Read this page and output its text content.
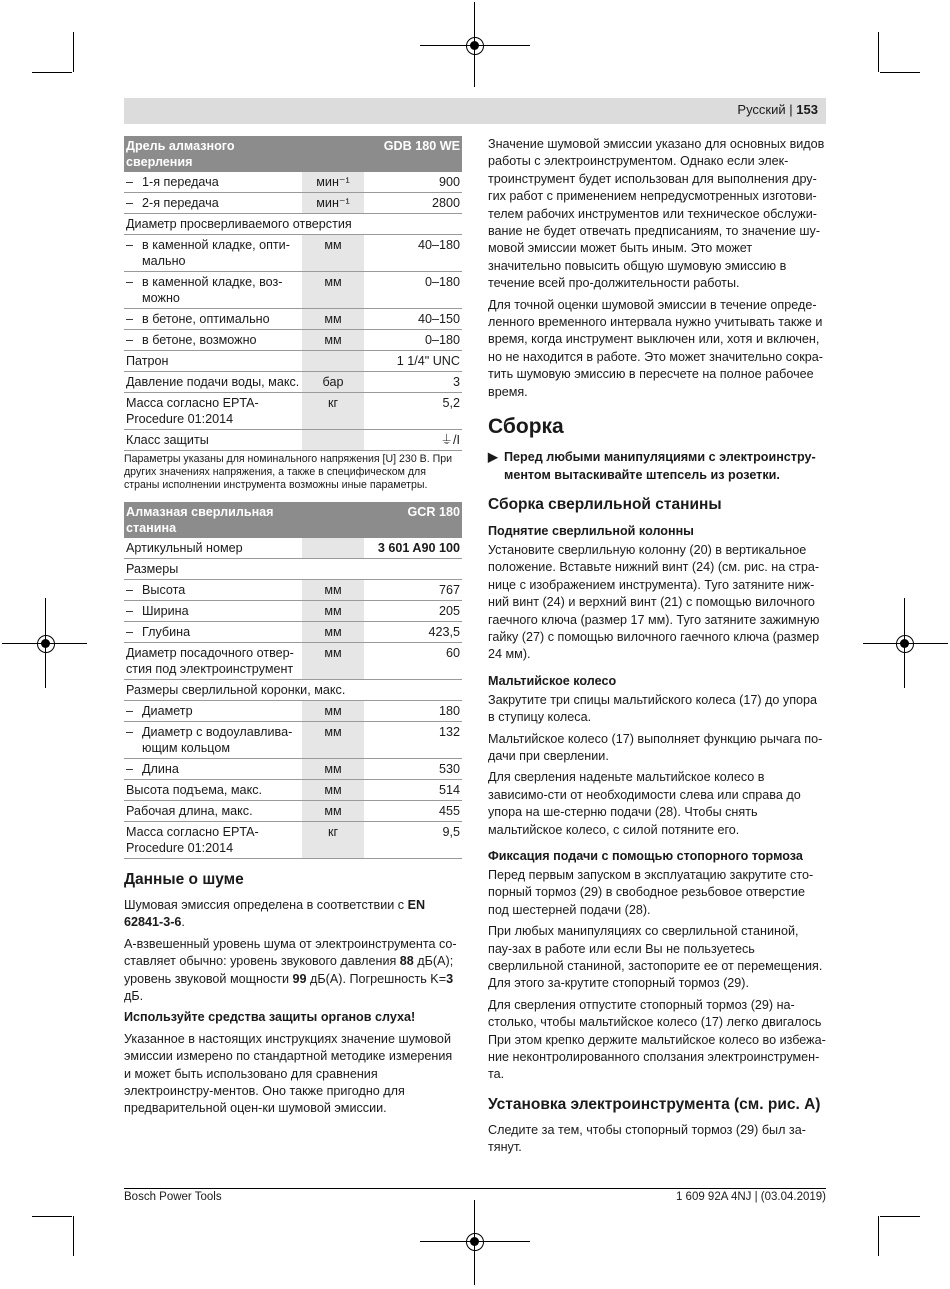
Русский | 153
Дрель алмазного сверления		GDB 180 WE

– 1-я передача	мин⁻¹	900

– 2-я передача	мин⁻¹	2800
Диаметр просверливаемого отверстия		

– в каменной кладке, опти-мально	мм	40–180

– в каменной кладке, воз-можно	мм	0–180

– в бетоне, оптимально	мм	40–150

– в бетоне, возможно	мм	0–180
Патрон		1 1/4" UNC
Давление подачи воды, макс.	бар	3
Масса согласно EPTA-Procedure 01:2014	кг	5,2
Класс защиты		⏚/I
Параметры указаны для номинального напряжения [U] 230 В. При других значениях напряжения, а также в специфическом для страны исполнении инструмента возможны иные параметры.
Алмазная сверлильная станина		GCR 180
Артикульный номер		3 601 A90 100
Размеры		

– Высота	мм	767

– Ширина	мм	205

– Глубина	мм	423,5
Диаметр посадочного отвер-стия под электроинструмент	мм	60
Размеры сверлильной коронки, макс.		

– Диаметр	мм	180

– Диаметр с водоулавлива-ющим кольцом	мм	132

– Длина	мм	530
Высота подъема, макс.	мм	514
Рабочая длина, макс.	мм	455
Масса согласно EPTA-Procedure 01:2014	кг	9,5
Данные о шуме

Шумовая эмиссия определена в соответствии с EN 62841-3-6.

A-взвешенный уровень шума от электроинструмента со-ставляет обычно: уровень звукового давления 88 дБ(A); уровень звуковой мощности 99 дБ(A). Погрешность K=3 дБ.

Используйте средства защиты органов слуха!

Указанное в настоящих инструкциях значение шумовой эмиссии измерено по стандартной методике измерения и может быть использовано для сравнения электроинстру-ментов. Оно также пригодно для предварительной оцен-ки шумовой эмиссии.

Значение шумовой эмиссии указано для основных видов работы с электроинструментом. Однако если элек-троинструмент будет использован для выполнения дру-гих работ с применением непредусмотренных изготови-телем рабочих инструментов или техническое обслужи-вание не будет отвечать предписаниям, то значение шу-мовой эмиссии может быть иным. Это может значительно повысить общую шумовую эмиссию в течение всей про-должительности работы.

Для точной оценки шумовой эмиссии в течение опреде-ленного временного интервала нужно учитывать также и время, когда инструмент выключен или, хотя и включен, но не находится в работе. Это может значительно сокра-тить шумовую эмиссию в пересчете на полное рабочее время.

Сборка
▶ Перед любыми манипуляциями с электроинстру-ментом вытаскивайте штепсель из розетки.
Сборка сверлильной станины
Поднятие сверлильной колонны

Установите сверлильную колонну (20) в вертикальное положение. Вставьте нижний винт (24) (см. рис. на стра-нице с изображением инструмента). Туго затяните ниж-ний винт (24) и верхний винт (21) с помощью вилочного гаечного ключа (размер 17 мм). Туго затяните зажимную гайку (27) с помощью вилочного гаечного ключа (размер 24 мм).

Мальтийское колесо

Закрутите три спицы мальтийского колеса (17) до упора в ступицу колеса.

Мальтийское колесо (17) выполняет функцию рычага по-дачи при сверлении.

Для сверления наденьте мальтийское колесо в зависимо-сти от необходимости слева или справа до упора на ше-стерню подачи (28). Чтобы снять мальтийское колесо, с силой потяните его.

Фиксация подачи с помощью стопорного тормоза

Перед первым запуском в эксплуатацию закрутите сто-порный тормоз (29) в свободное резьбовое отверстие под шестерней подачи (28).

При любых манипуляциях со сверлильной станиной, пау-зах в работе или если Вы не пользуетесь сверлильной станиной, застопорите ее от перемещения. Для этого за-крутите стопорный тормоз (29).

Для сверления отпустите стопорный тормоз (29) на-столько, чтобы мальтийское колесо (17) легко двигалось При этом крепко держите мальтийское колесо во избежа-ние неконтролированного сползания электроинструмен-та.

Установка электроинструмента (см. рис. A)

Следите за тем, чтобы стопорный тормоз (29) был за-тянут.

Bosch Power Tools	1 609 92A 4NJ | (03.04.2019)
